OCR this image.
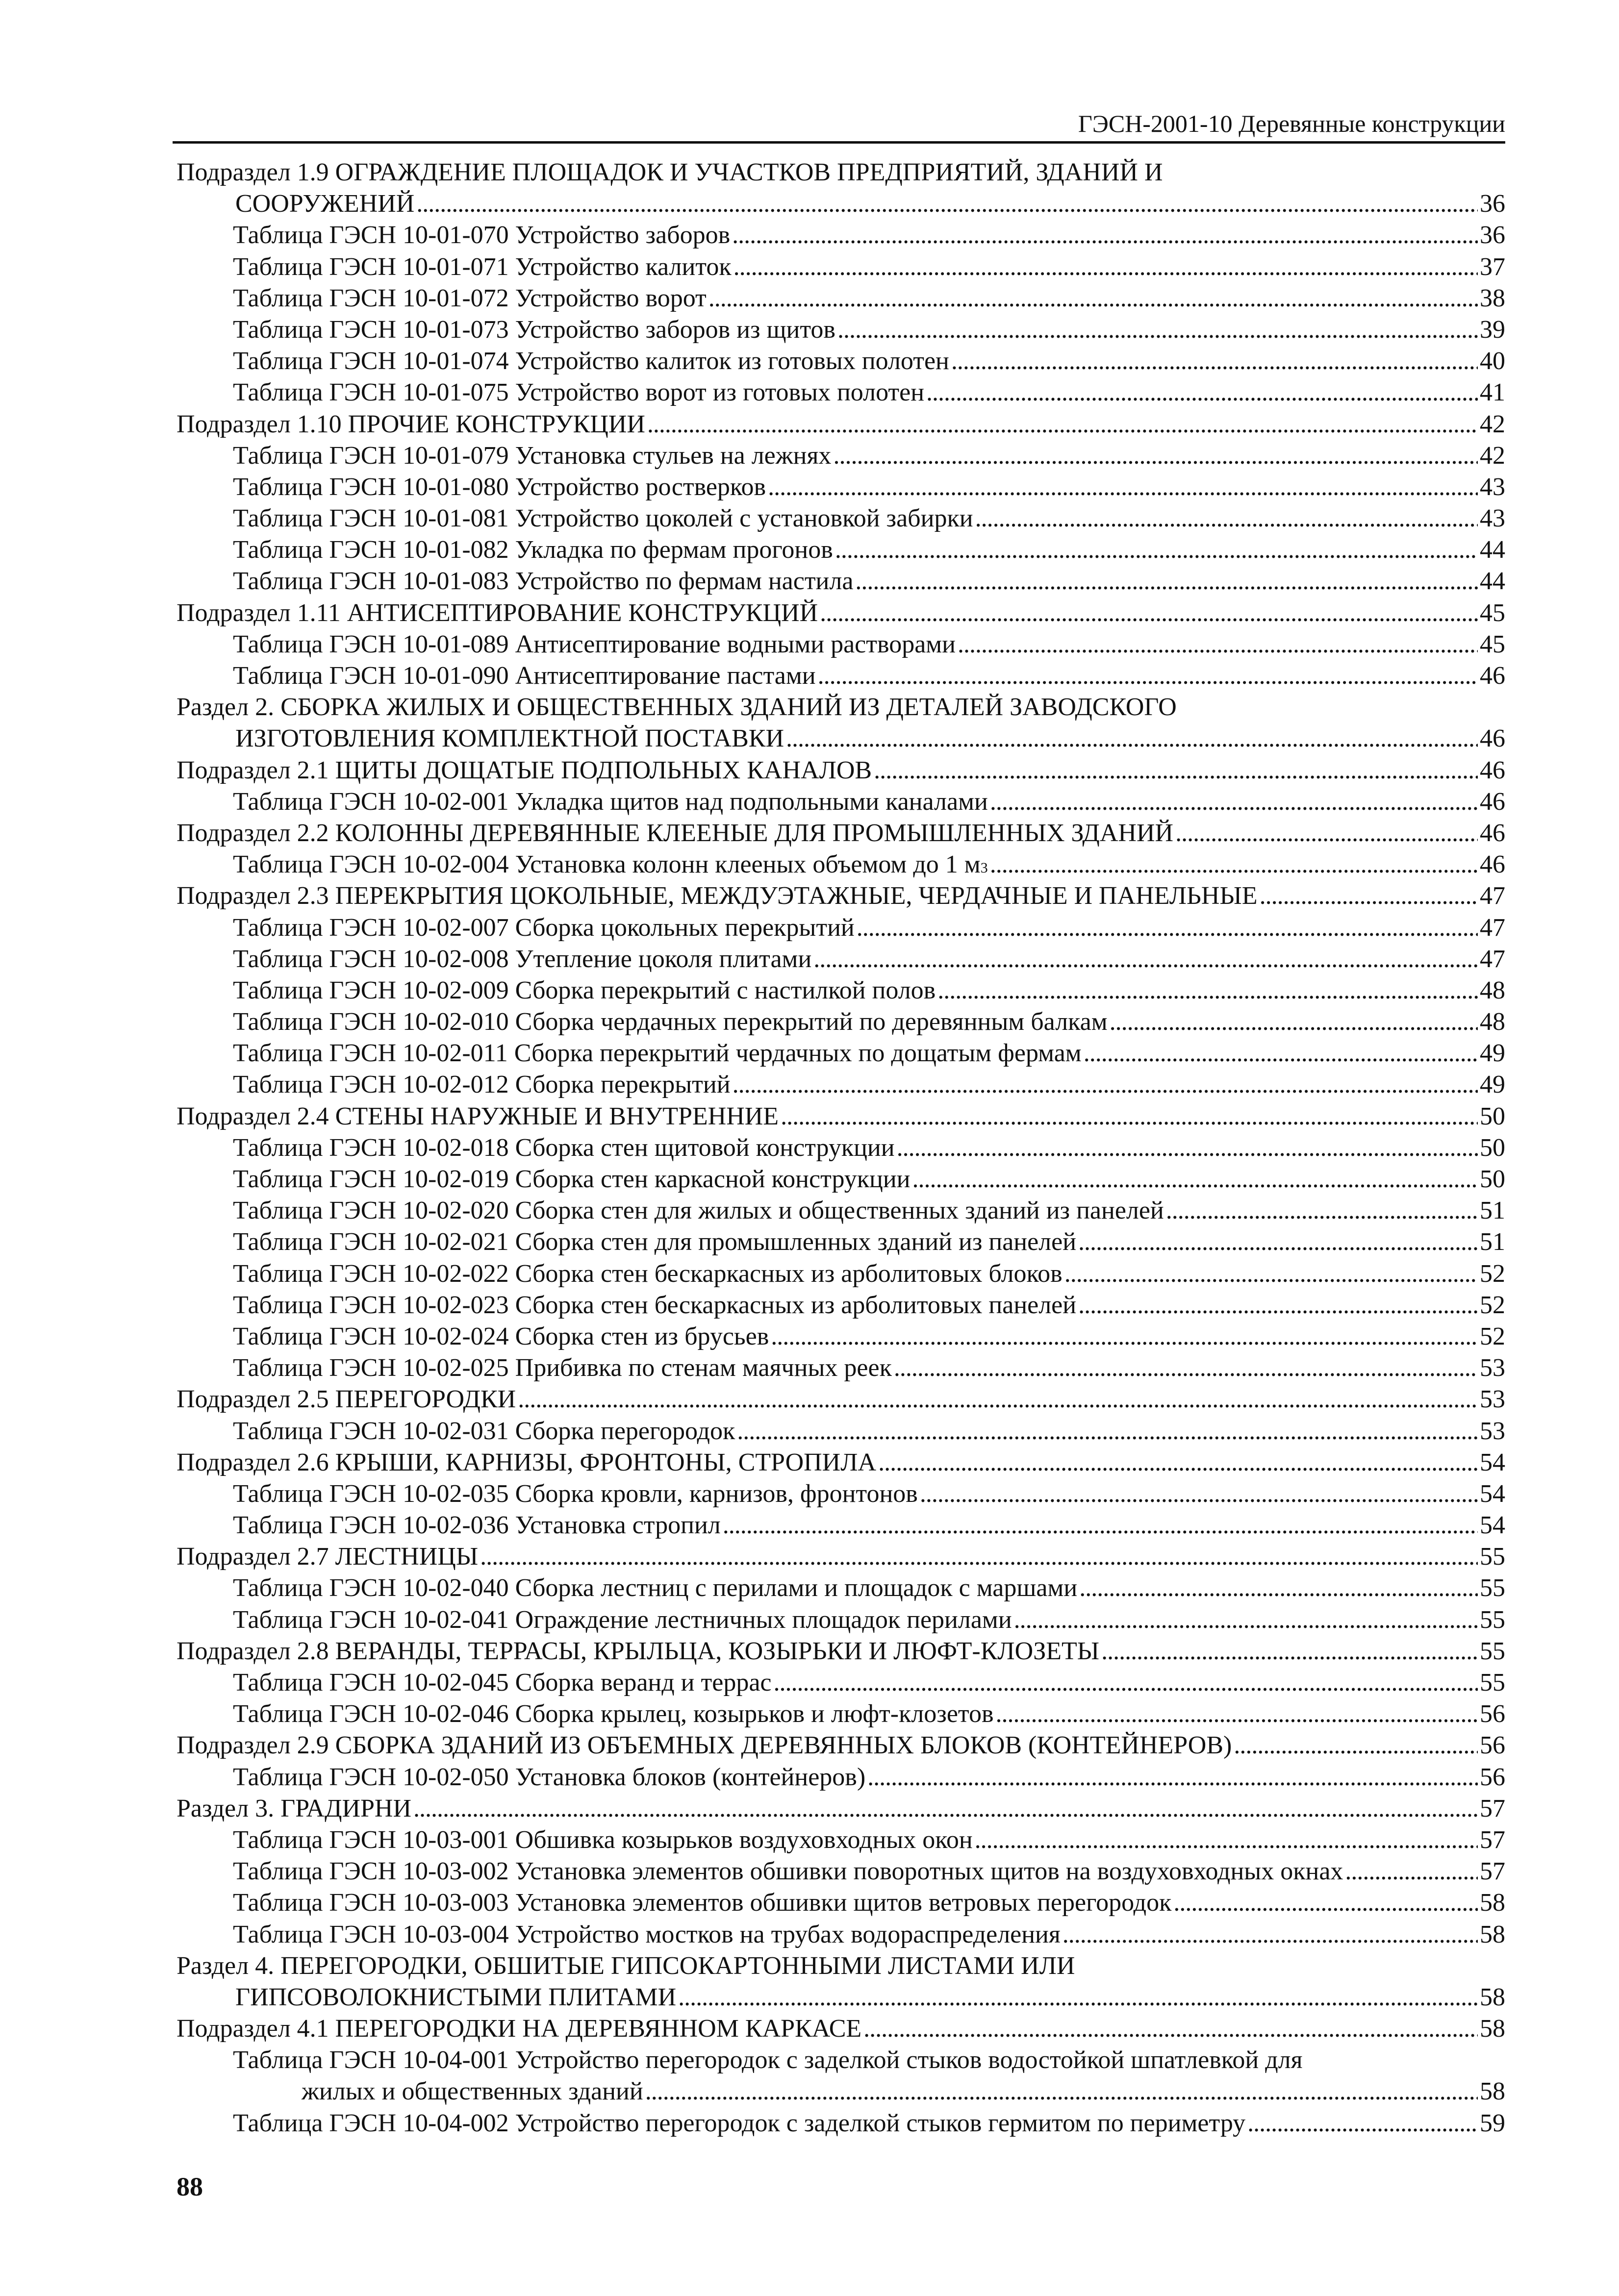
ГЭСН-2001-10 Деревянные конструкции
Подраздел 1.9 ОГРАЖДЕНИЕ ПЛОЩАДОК И УЧАСТКОВ ПРЕДПРИЯТИЙ, ЗДАНИЙ И
СООРУЖЕНИЙ . . .	36
Таблица ГЭСН 10-01-070 Устройство заборов . . .	36
Таблица ГЭСН 10-01-071 Устройство калиток . . .	37
Таблица ГЭСН 10-01-072 Устройство ворот . . .	38
Таблица ГЭСН 10-01-073 Устройство заборов из щитов . . .	39
Таблица ГЭСН 10-01-074 Устройство калиток из готовых полотен . . .	40
Таблица ГЭСН 10-01-075 Устройство ворот из готовых полотен . . .	41
Подраздел 1.10 ПРОЧИЕ КОНСТРУКЦИИ . . .	42
Таблица ГЭСН 10-01-079 Установка стульев на лежнях . . .	42
Таблица ГЭСН 10-01-080 Устройство ростверков . . .	43
Таблица ГЭСН 10-01-081 Устройство цоколей с установкой забирки . . .	43
Таблица ГЭСН 10-01-082 Укладка по фермам прогонов . . .	44
Таблица ГЭСН 10-01-083 Устройство по фермам настила . . .	44
Подраздел 1.11 АНТИСЕПТИРОВАНИЕ КОНСТРУКЦИЙ . . .	45
Таблица ГЭСН 10-01-089 Антисептирование водными растворами . . .	45
Таблица ГЭСН 10-01-090 Антисептирование пастами . . .	46
Раздел 2. СБОРКА ЖИЛЫХ И ОБЩЕСТВЕННЫХ ЗДАНИЙ ИЗ ДЕТАЛЕЙ ЗАВОДСКОГО
ИЗГОТОВЛЕНИЯ КОМПЛЕКТНОЙ ПОСТАВКИ . . .	46
Подраздел 2.1 ЩИТЫ ДОЩАТЫЕ ПОДПОЛЬНЫХ КАНАЛОВ . . .	46
Таблица ГЭСН 10-02-001 Укладка щитов над подпольными каналами . . .	46
Подраздел 2.2 КОЛОННЫ ДЕРЕВЯННЫЕ КЛЕЕНЫЕ ДЛЯ ПРОМЫШЛЕННЫХ ЗДАНИЙ . . .	46
Таблица ГЭСН 10-02-004 Установка колонн клееных объемом до 1 м 3 . . .	46
Подраздел 2.3 ПЕРЕКРЫТИЯ ЦОКОЛЬНЫЕ, МЕЖДУЭТАЖНЫЕ, ЧЕРДАЧНЫЕ И ПАНЕЛЬНЫЕ . . .	47
Таблица ГЭСН 10-02-007 Сборка цокольных перекрытий . . .	47
Таблица ГЭСН 10-02-008 Утепление цоколя плитами . . .	47
Таблица ГЭСН 10-02-009 Сборка перекрытий с настилкой полов . . .	48
Таблица ГЭСН 10-02-010 Сборка чердачных перекрытий по деревянным балкам . . .	48
Таблица ГЭСН 10-02-011 Сборка перекрытий чердачных по дощатым фермам . . .	49
Таблица ГЭСН 10-02-012 Сборка перекрытий . . .	49
Подраздел 2.4 СТЕНЫ НАРУЖНЫЕ И ВНУТРЕННИЕ . . .	50
Таблица ГЭСН 10-02-018 Сборка стен щитовой конструкции . . .	50
Таблица ГЭСН 10-02-019 Сборка стен каркасной конструкции . . .	50
Таблица ГЭСН 10-02-020 Сборка стен для жилых и общественных зданий из панелей . . .	51
Таблица ГЭСН 10-02-021 Сборка стен для промышленных зданий из панелей . . .	51
Таблица ГЭСН 10-02-022 Сборка стен бескаркасных из арболитовых блоков . . .	52
Таблица ГЭСН 10-02-023 Сборка стен бескаркасных из арболитовых панелей . . .	52
Таблица ГЭСН 10-02-024 Сборка стен из брусьев . . .	52
Таблица ГЭСН 10-02-025 Прибивка по стенам маячных реек . . .	53
Подраздел 2.5 ПЕРЕГОРОДКИ . . .	53
Таблица ГЭСН 10-02-031 Сборка перегородок . . .	53
Подраздел 2.6 КРЫШИ, КАРНИЗЫ, ФРОНТОНЫ, СТРОПИЛА . . .	54
Таблица ГЭСН 10-02-035 Сборка кровли, карнизов, фронтонов . . .	54
Таблица ГЭСН 10-02-036 Установка стропил . . .	54
Подраздел 2.7 ЛЕСТНИЦЫ . . .	55
Таблица ГЭСН 10-02-040 Сборка лестниц с перилами и площадок с маршами . . .	55
Таблица ГЭСН 10-02-041 Ограждение лестничных площадок перилами . . .	55
Подраздел 2.8 ВЕРАНДЫ, ТЕРРАСЫ, КРЫЛЬЦА, КОЗЫРЬКИ И ЛЮФТ-КЛОЗЕТЫ . . .	55
Таблица ГЭСН 10-02-045 Сборка веранд и террас . . .	55
Таблица ГЭСН 10-02-046 Сборка крылец, козырьков и люфт-клозетов . . .	56
Подраздел 2.9 СБОРКА ЗДАНИЙ ИЗ ОБЪЕМНЫХ ДЕРЕВЯННЫХ БЛОКОВ (КОНТЕЙНЕРОВ) . . .	56
Таблица ГЭСН 10-02-050 Установка блоков (контейнеров) . . .	56
Раздел 3. ГРАДИРНИ . . .	57
Таблица ГЭСН 10-03-001 Обшивка козырьков воздуховходных окон . . .	57
Таблица ГЭСН 10-03-002 Установка элементов обшивки поворотных щитов на воздуховходных окнах . . .	57
Таблица ГЭСН 10-03-003 Установка элементов обшивки щитов ветровых перегородок . . .	58
Таблица ГЭСН 10-03-004 Устройство мостков на трубах водораспределения . . .	58
Раздел 4. ПЕРЕГОРОДКИ, ОБШИТЫЕ ГИПСОКАРТОННЫМИ ЛИСТАМИ ИЛИ
ГИПСОВОЛОКНИСТЫМИ ПЛИТАМИ . . .	58
Подраздел 4.1 ПЕРЕГОРОДКИ НА ДЕРЕВЯННОМ КАРКАСЕ . . .	58
Таблица ГЭСН 10-04-001 Устройство перегородок с заделкой стыков водостойкой шпатлевкой для
жилых и общественных зданий . . .	58
Таблица ГЭСН 10-04-002 Устройство перегородок с заделкой стыков гермитом по периметру . . .	59
88
